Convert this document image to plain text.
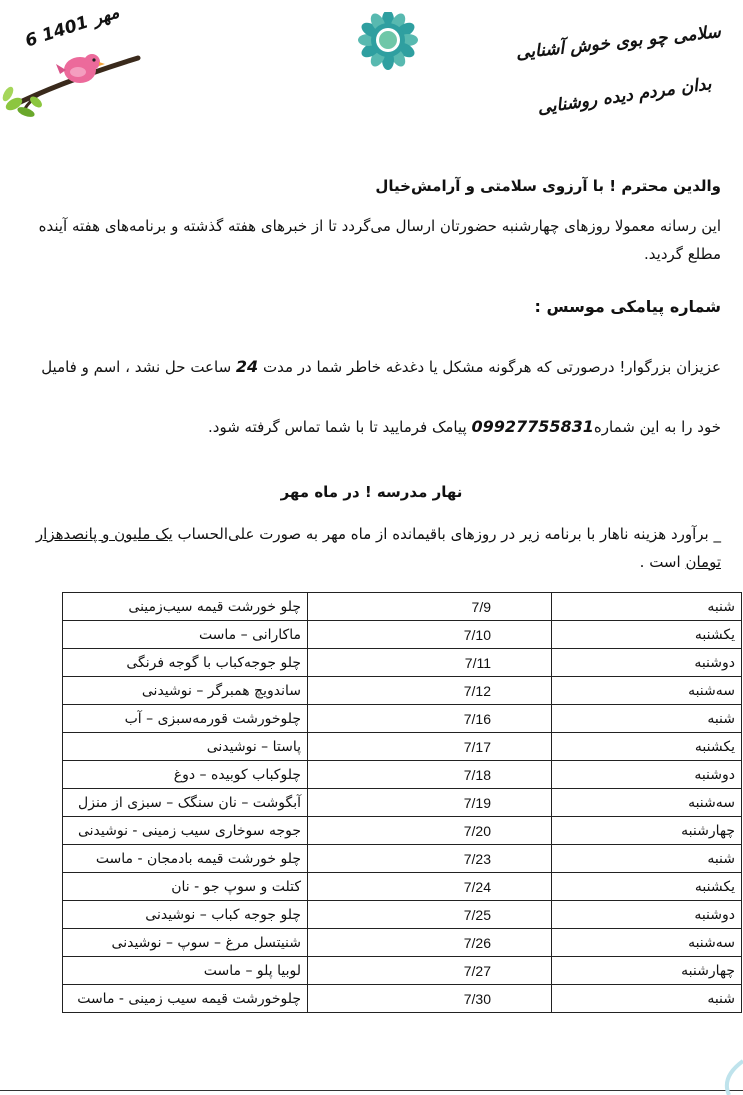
سلامی چو بوی خوش آشنایی
بدان مردم دیده روشنایی
6 مهر 1401
والدین محترم ! با آرزوی سلامتی و آرامش‌خیال
این رسانه معمولا روزهای چهارشنبه حضورتان ارسال می‌گردد تا از خبرهای هفته گذشته و برنامه‌های هفته آینده مطلع گردید.
شماره پیامکی موسس :
عزیزان بزرگوار! درصورتی که هرگونه مشکل یا دغدغه خاطر شما در مدت 24 ساعت حل نشد ، اسم و فامیل
خود را به این شماره09927755831 پیامک فرمایید تا با شما تماس گرفته شود.
نهار مدرسه ! در ماه مهر
_ برآورد هزینه ناهار با برنامه زیر در روزهای باقیمانده از ماه مهر به صورت علی‌الحساب یک ملیون و پانصدهزار تومان است .
شنبه	7/9	چلو خورشت قیمه سیب‌زمینی
یکشنبه	7/10	ماکارانی – ماست
دوشنبه	7/11	چلو جوجه‌کباب با گوجه فرنگی
سه‌شنبه	7/12	ساندویچ همبرگر – نوشیدنی
شنبه	7/16	چلوخورشت قورمه‌سبزی – آب
یکشنبه	7/17	پاستا – نوشیدنی
دوشنبه	7/18	چلوکباب کوبیده – دوغ
سه‌شنبه	7/19	آبگوشت – نان سنگک – سبزی از منزل
چهارشنبه	7/20	جوجه سوخاری سیب زمینی - نوشیدنی
شنبه	7/23	چلو خورشت قیمه بادمجان - ماست
یکشنبه	7/24	کتلت و سوپ جو - نان
دوشنبه	7/25	چلو جوجه کباب – نوشیدنی
سه‌شنبه	7/26	شنیتسل مرغ – سوپ – نوشیدنی
چهارشنبه	7/27	لوبیا پلو – ماست
شنبه	7/30	چلوخورشت قیمه سیب زمینی - ماست
